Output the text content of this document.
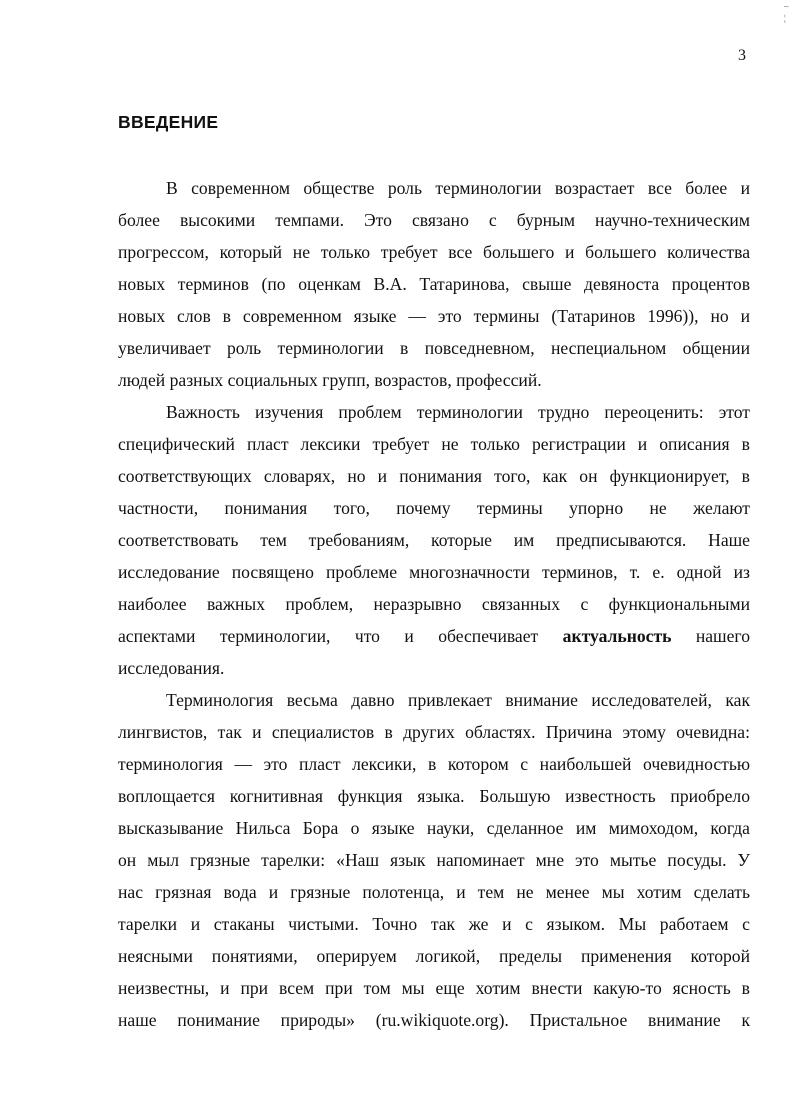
–
¦
3
ВВЕДЕНИЕ
В современном обществе роль терминологии возрастает все более и
более высокими темпами. Это связано с бурным научно-техническим
прогрессом, который не только требует все большего и большего количества
новых терминов (по оценкам В.А. Татаринова, свыше девяноста процентов
новых слов в современном языке — это термины (Татаринов 1996)), но и
увеличивает роль терминологии в повседневном, неспециальном общении
людей разных социальных групп, возрастов, профессий.
Важность изучения проблем терминологии трудно переоценить: этот
специфический пласт лексики требует не только регистрации и описания в
соответствующих словарях, но и понимания того, как он функционирует, в
частности, понимания того, почему термины упорно не желают
соответствовать тем требованиям, которые им предписываются. Наше
исследование посвящено проблеме многозначности терминов, т. е. одной из
наиболее важных проблем, неразрывно связанных с функциональными
аспектами терминологии, что и обеспечивает актуальность нашего
исследования.
Терминология весьма давно привлекает внимание исследователей, как
лингвистов, так и специалистов в других областях. Причина этому очевидна:
терминология — это пласт лексики, в котором с наибольшей очевидностью
воплощается когнитивная функция языка. Большую известность приобрело
высказывание Нильса Бора о языке науки, сделанное им мимоходом, когда
он мыл грязные тарелки: «Наш язык напоминает мне это мытье посуды. У
нас грязная вода и грязные полотенца, и тем не менее мы хотим сделать
тарелки и стаканы чистыми. Точно так же и с языком. Мы работаем с
неясными понятиями, оперируем логикой, пределы применения которой
неизвестны, и при всем при том мы еще хотим внести какую-то ясность в
наше понимание природы» (ru.wikiquote.org). Пристальное внимание к
